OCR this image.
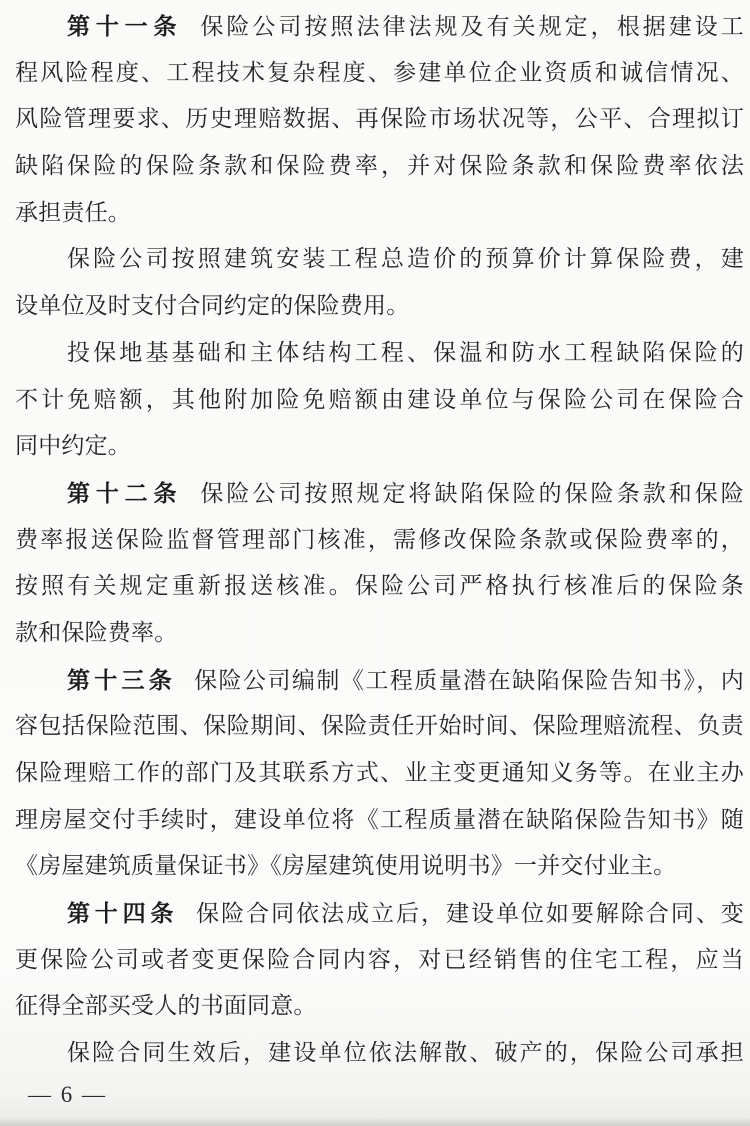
第十一条 保险公司按照法律法规及有关规定，根据建设工
程风险程度、工程技术复杂程度、参建单位企业资质和诚信情况、
风险管理要求、历史理赔数据、再保险市场状况等，公平、合理拟订
缺陷保险的保险条款和保险费率，并对保险条款和保险费率依法
承担责任。
保险公司按照建筑安装工程总造价的预算价计算保险费，建
设单位及时支付合同约定的保险费用。
投保地基基础和主体结构工程、保温和防水工程缺陷保险的
不计免赔额，其他附加险免赔额由建设单位与保险公司在保险合
同中约定。
第十二条 保险公司按照规定将缺陷保险的保险条款和保险
费率报送保险监督管理部门核准，需修改保险条款或保险费率的，
按照有关规定重新报送核准。保险公司严格执行核准后的保险条
款和保险费率。
第十三条 保险公司编制《工程质量潜在缺陷保险告知书》，内
容包括保险范围、保险期间、保险责任开始时间、保险理赔流程、负责
保险理赔工作的部门及其联系方式、业主变更通知义务等。在业主办
理房屋交付手续时，建设单位将《工程质量潜在缺陷保险告知书》随
《房屋建筑质量保证书》《房屋建筑使用说明书》一并交付业主。
第十四条 保险合同依法成立后，建设单位如要解除合同、变
更保险公司或者变更保险合同内容，对已经销售的住宅工程，应当
征得全部买受人的书面同意。
保险合同生效后，建设单位依法解散、破产的，保险公司承担
— 6 —
